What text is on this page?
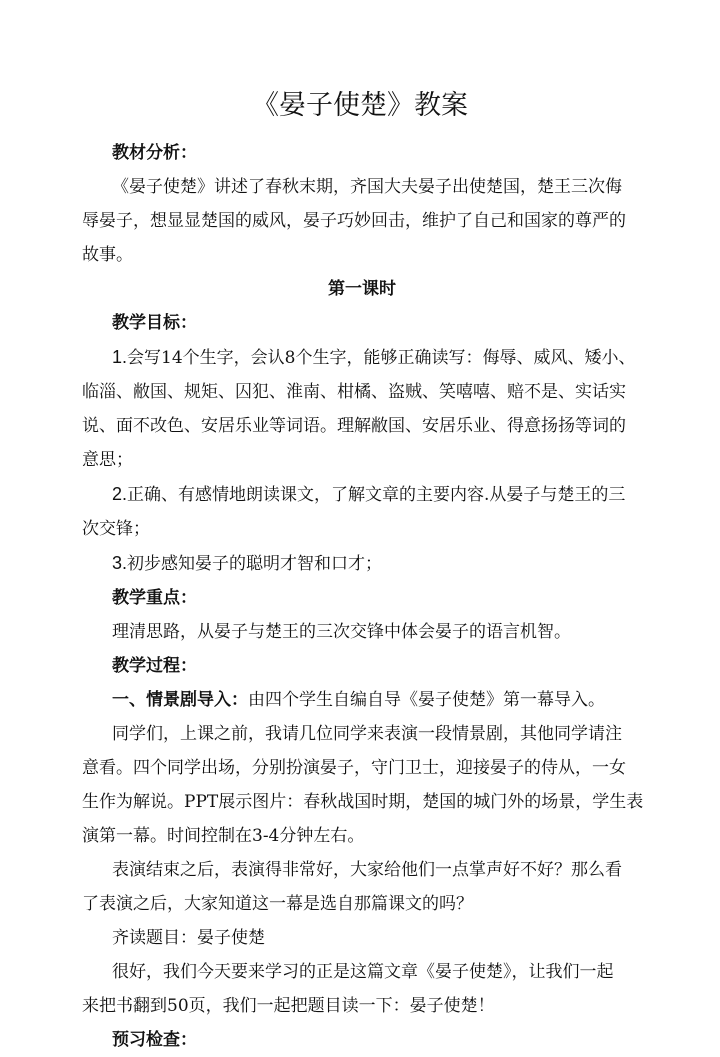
《晏子使楚》教案
教材分析：
《晏子使楚》讲述了春秋末期，齐国大夫晏子出使楚国，楚王三次侮
辱晏子，想显显楚国的威风，晏子巧妙回击，维护了自己和国家的尊严的
故事。
第一课时
教学目标：
1.会写14个生字，会认8个生字，能够正确读写：侮辱、威风、矮小、
临淄、敝国、规矩、囚犯、淮南、柑橘、盗贼、笑嘻嘻、赔不是、实话实
说、面不改色、安居乐业等词语。理解敝国、安居乐业、得意扬扬等词的
意思；
2.正确、有感情地朗读课文，了解文章的主要内容.从晏子与楚王的三
次交锋；
3.初步感知晏子的聪明才智和口才；
教学重点：
理清思路，从晏子与楚王的三次交锋中体会晏子的语言机智。
教学过程：
一、情景剧导入：由四个学生自编自导《晏子使楚》第一幕导入。
同学们，上课之前，我请几位同学来表演一段情景剧，其他同学请注
意看。四个同学出场，分别扮演晏子，守门卫士，迎接晏子的侍从，一女
生作为解说。PPT展示图片：春秋战国时期，楚国的城门外的场景，学生表
演第一幕。时间控制在3-4分钟左右。
表演结束之后，表演得非常好，大家给他们一点掌声好不好？那么看
了表演之后，大家知道这一幕是选自那篇课文的吗？
齐读题目：晏子使楚
很好，我们今天要来学习的正是这篇文章《晏子使楚》，让我们一起
来把书翻到50页，我们一起把题目读一下：晏子使楚！
预习检查：
